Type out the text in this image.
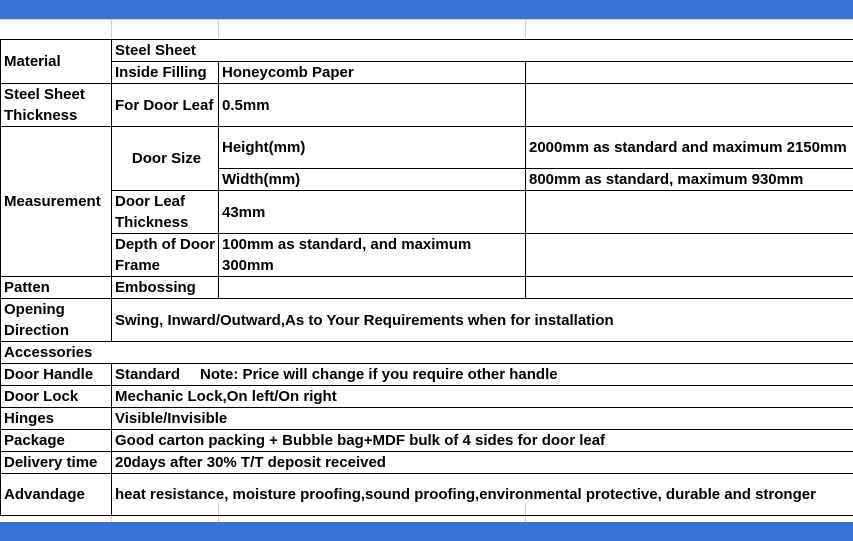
Material	Steel Sheet		
	Inside Filling	Honeycomb Paper	
Steel Sheet Thickness	For Door Leaf	0.5mm	
Measurement	Door Size	Height(mm)	2000mm as standard and maximum 2150mm
		Width(mm)	800mm as standard, maximum 930mm
	Door Leaf Thickness	43mm	
	Depth of Door Frame	100mm as standard, and maximum 300mm	
Patten	Embossing		
Opening Direction	Swing, Inward/Outward,As to Your Requirements when for installation		
Accessories			
Door Handle	Standard Note: Price will change if you require other handle		
Door Lock	Mechanic Lock,On left/On right		
Hinges	Visible/Invisible		
Package	Good carton packing + Bubble bag+MDF bulk of 4 sides for door leaf		
Delivery time	20days after 30% T/T deposit received		
Advandage	heat resistance, moisture proofing,sound proofing,environmental protective, durable and stronger		
